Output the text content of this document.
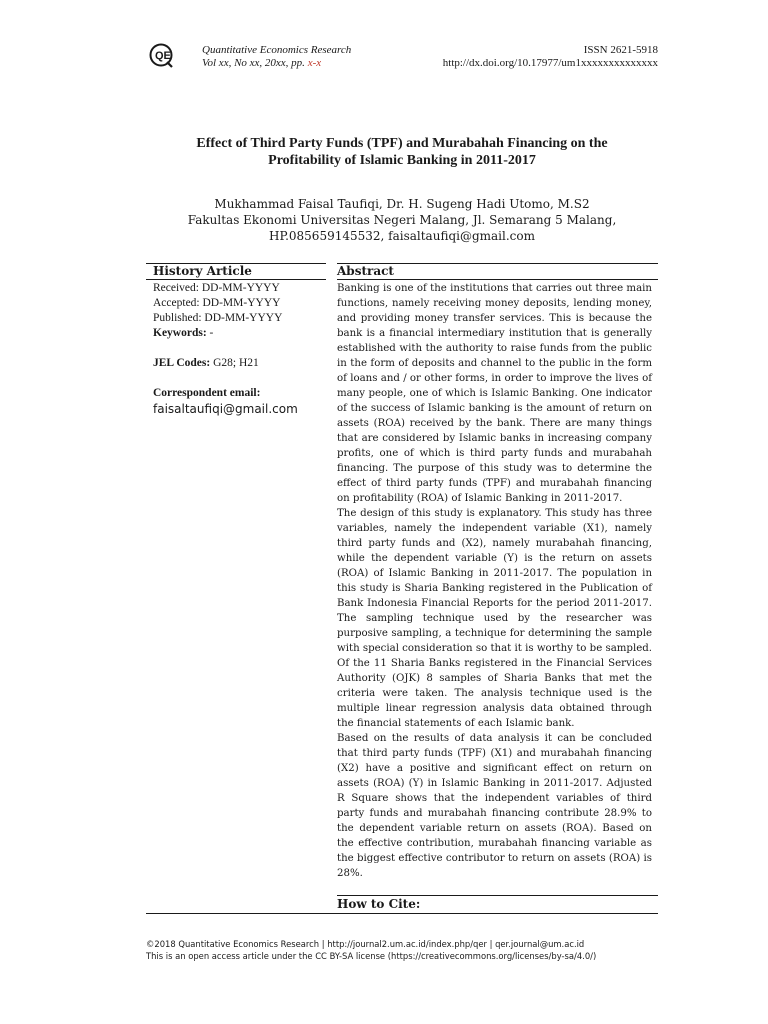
QE	Quantitative Economics Research
Vol xx, No xx, 20xx, pp. x-x
ISSN 2621-5918
http://dx.doi.org/10.17977/um1xxxxxxxxxxxxxx
Effect of Third Party Funds (TPF) and Murabahah Financing on the
Profitability of Islamic Banking in 2011-2017
Mukhammad Faisal Taufiqi, Dr. H. Sugeng Hadi Utomo, M.S2
Fakultas Ekonomi Universitas Negeri Malang, Jl. Semarang 5 Malang,
HP.085659145532, faisaltaufiqi@gmail.com
History Article
Received: DD-MM-YYYY
Accepted: DD-MM-YYYY
Published: DD-MM-YYYY
Keywords: -
JEL Codes: G28; H21
Correspondent email:
faisaltaufiqi@gmail.com
Abstract

Banking is one of the institutions that carries out three main functions, namely receiving money deposits, lending money, and providing money transfer services. This is because the bank is a financial intermediary institution that is generally established with the authority to raise funds from the public in the form of deposits and channel to the public in the form of loans and / or other forms, in order to improve the lives of many people, one of which is Islamic Banking. One indicator of the success of Islamic banking is the amount of return on assets (ROA) received by the bank. There are many things that are considered by Islamic banks in increasing company profits, one of which is third party funds and murabahah financing. The purpose of this study was to determine the effect of third party funds (TPF) and murabahah financing on profitability (ROA) of Islamic Banking in 2011-2017.

The design of this study is explanatory. This study has three variables, namely the independent variable (X1), namely third party funds and (X2), namely murabahah financing, while the dependent variable (Y) is the return on assets (ROA) of Islamic Banking in 2011-2017. The population in this study is Sharia Banking registered in the Publication of Bank Indonesia Financial Reports for the period 2011-2017. The sampling technique used by the researcher was purposive sampling, a technique for determining the sample with special consideration so that it is worthy to be sampled. Of the 11 Sharia Banks registered in the Financial Services Authority (OJK) 8 samples of Sharia Banks that met the criteria were taken. The analysis technique used is the multiple linear regression analysis data obtained through the financial statements of each Islamic bank.

Based on the results of data analysis it can be concluded that third party funds (TPF) (X1) and murabahah financing (X2) have a positive and significant effect on return on assets (ROA) (Y) in Islamic Banking in 2011-2017. Adjusted R Square shows that the independent variables of third party funds and murabahah financing contribute 28.9% to the dependent variable return on assets (ROA). Based on the effective contribution, murabahah financing variable as the biggest effective contributor to return on assets (ROA) is 28%.

How to Cite:
©2018 Quantitative Economics Research | http://journal2.um.ac.id/index.php/qer | qer.journal@um.ac.id
This is an open access article under the CC BY-SA license (https://creativecommons.org/licenses/by-sa/4.0/)
